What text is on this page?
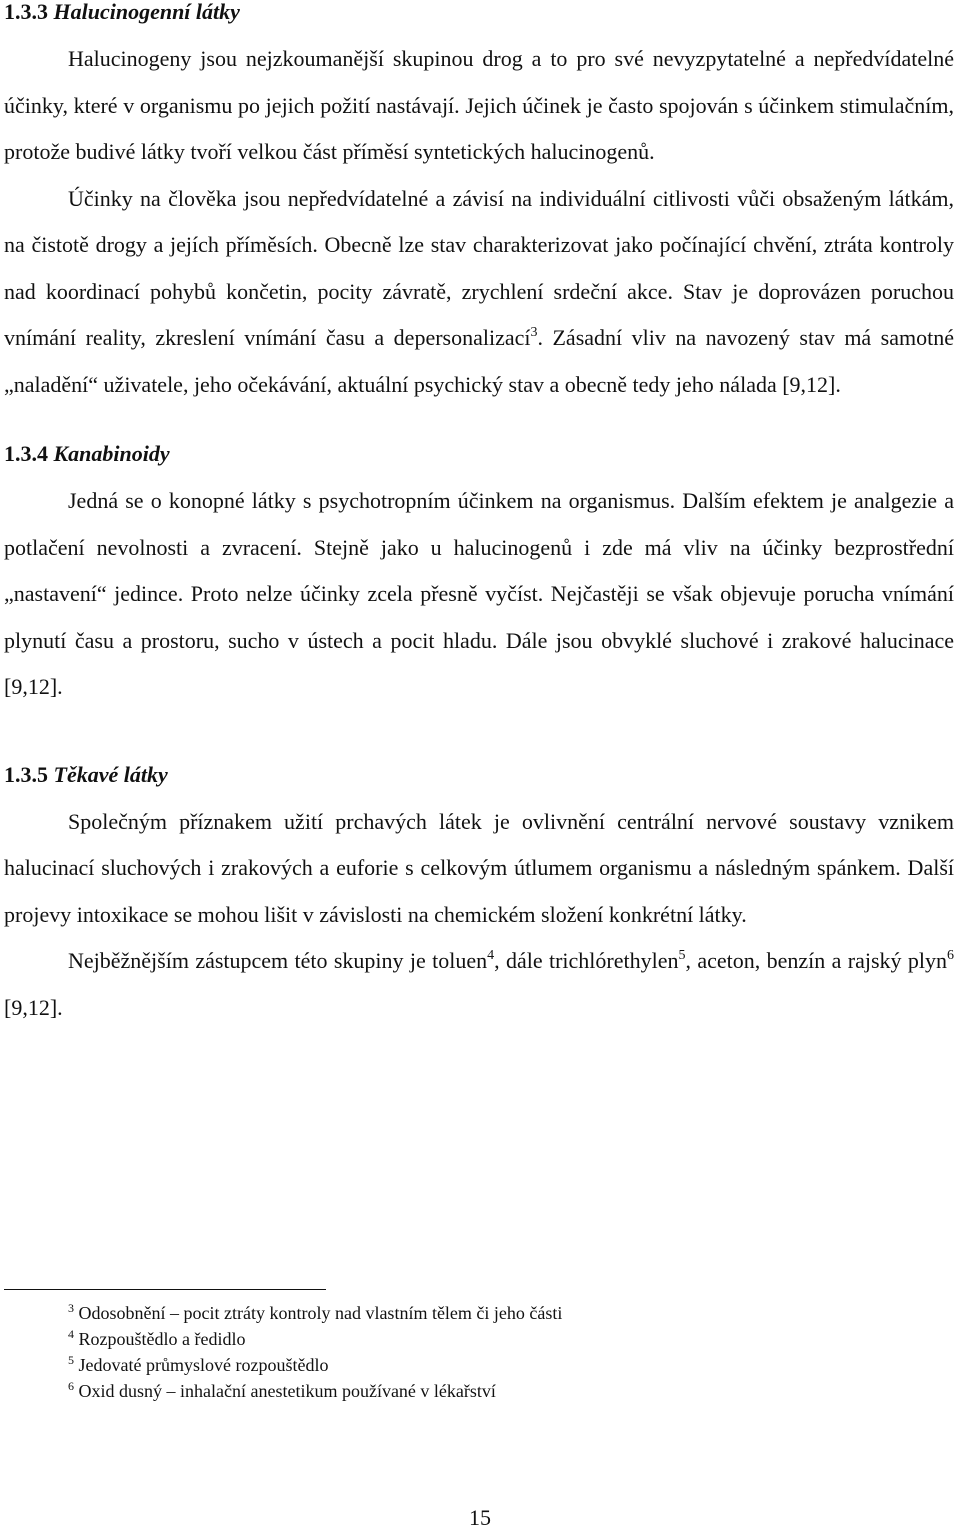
1.3.3 Halucinogenní látky

Halucinogeny jsou nejzkoumanější skupinou drog a to pro své nevyzpytatelné a nepředvídatelné účinky, které v organismu po jejich požití nastávají. Jejich účinek je často spojován s účinkem stimulačním, protože budivé látky tvoří velkou část příměsí syntetických halucinogenů.

Účinky na člověka jsou nepředvídatelné a závisí na individuální citlivosti vůči obsaženým látkám, na čistotě drogy a jejích příměsích. Obecně lze stav charakterizovat jako počínající chvění, ztráta kontroly nad koordinací pohybů končetin, pocity závratě, zrychlení srdeční akce. Stav je doprovázen poruchou vnímání reality, zkreslení vnímání času a depersonalizací$^3$. Zásadní vliv na navozený stav má samotné „naladění“ uživatele, jeho očekávání, aktuální psychický stav a obecně tedy jeho nálada [9,12].

1.3.4 Kanabinoidy

Jedná se o konopné látky s psychotropním účinkem na organismus. Dalším efektem je analgezie a potlačení nevolnosti a zvracení. Stejně jako u halucinogenů i zde má vliv na účinky bezprostřední „nastavení“ jedince. Proto nelze účinky zcela přesně vyčíst. Nejčastěji se však objevuje porucha vnímání plynutí času a prostoru, sucho v ústech a pocit hladu. Dále jsou obvyklé sluchové i zrakové halucinace [9,12].

1.3.5 Těkavé látky

Společným příznakem užití prchavých látek je ovlivnění centrální nervové soustavy vznikem halucinací sluchových i zrakových a euforie s celkovým útlumem organismu a následným spánkem. Další projevy intoxikace se mohou lišit v závislosti na chemickém složení konkrétní látky.

Nejběžnějším zástupcem této skupiny je toluen$^4$, dále trichlórethylen$^5$, aceton, benzín a rajský plyn$^6$ [9,12].

$^3$ Odosobnění – pocit ztráty kontroly nad vlastním tělem či jeho části

$^4$ Rozpouštědlo a ředidlo

$^5$ Jedovaté průmyslové rozpouštědlo

$^6$ Oxid dusný – inhalační anestetikum používané v lékařství

15
